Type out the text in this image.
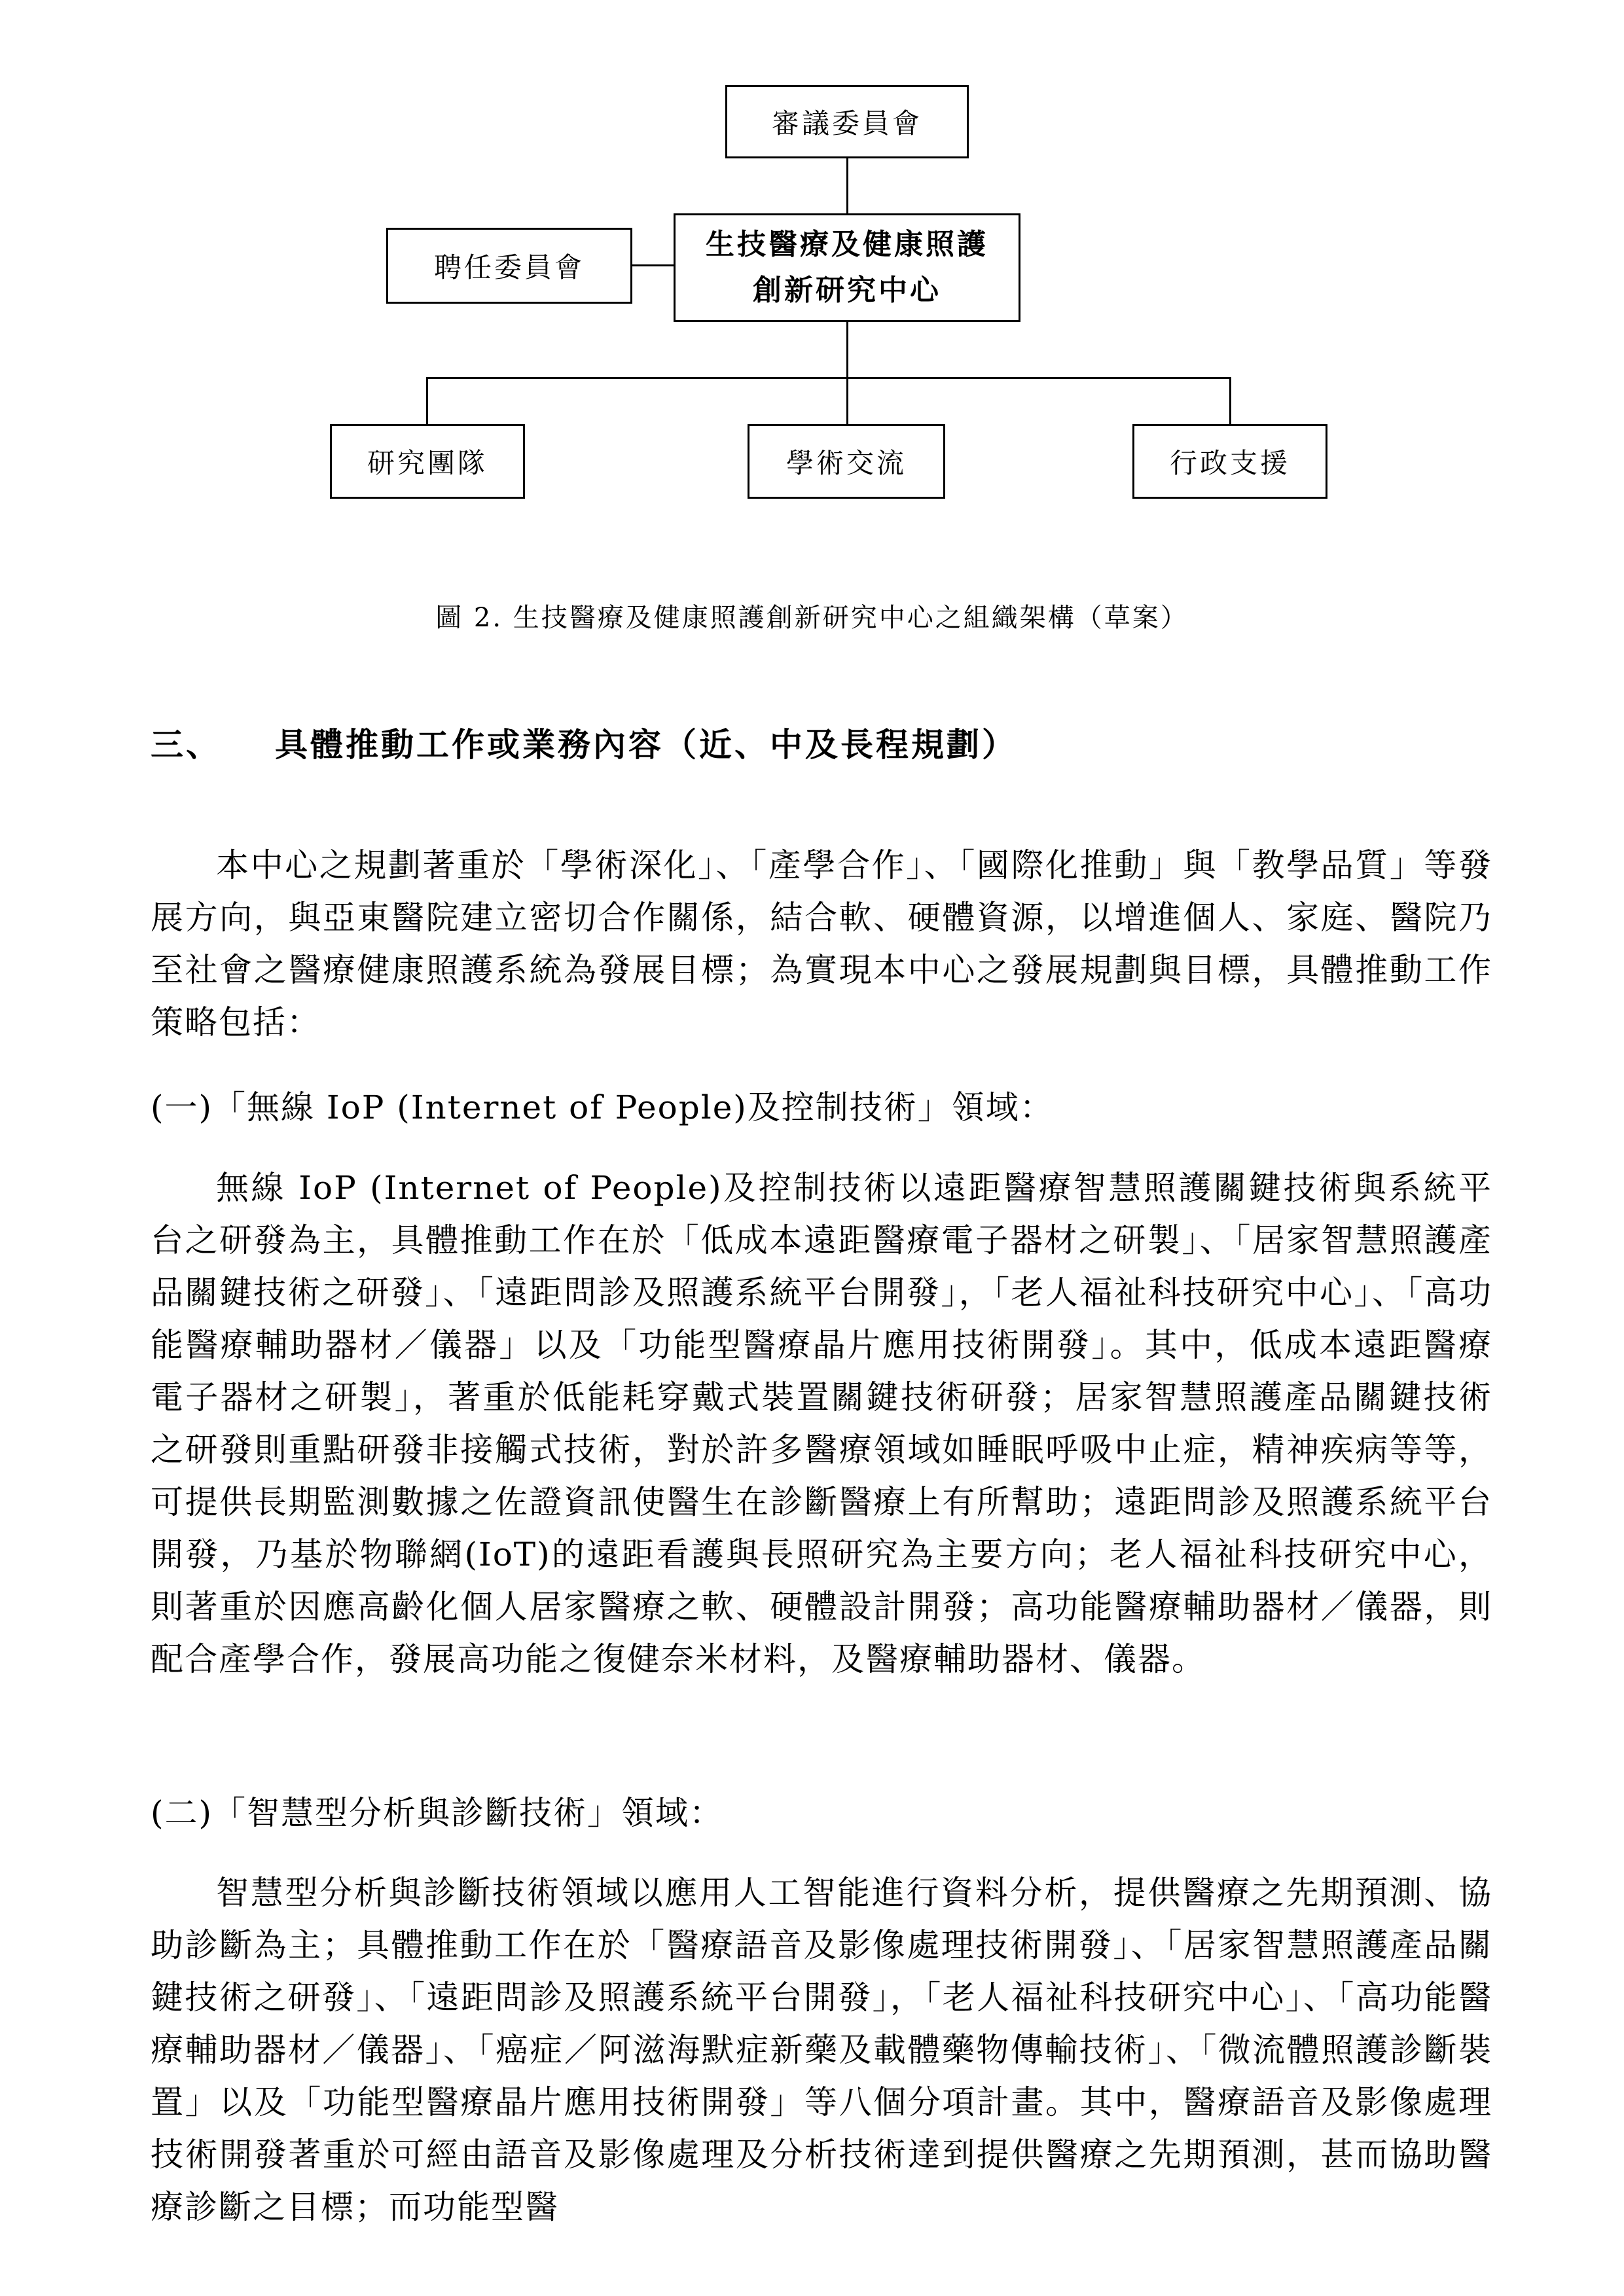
審議委員會
聘任委員會
生技醫療及健康照護
創新研究中心
研究團隊	學術交流	行政支援
圖 2. 生技醫療及健康照護創新研究中心之組織架構（草案）
三、 具體推動工作或業務內容（近、中及長程規劃）
本中心之規劃著重於「學術深化」、「產學合作」、「國際化推動」與「教學品質」等發展方向，與亞東醫院建立密切合作關係，結合軟、硬體資源，以增進個人、家庭、醫院乃至社會之醫療健康照護系統為發展目標；為實現本中心之發展規劃與目標，具體推動工作策略包括：
(一)「無線 IoP (Internet of People)及控制技術」領域：
無線 IoP (Internet of People)及控制技術以遠距醫療智慧照護關鍵技術與系統平台之研發為主，具體推動工作在於「低成本遠距醫療電子器材之研製」、「居家智慧照護產品關鍵技術之研發」、「遠距問診及照護系統平台開發」，「老人福祉科技研究中心」、「高功能醫療輔助器材／儀器」以及「功能型醫療晶片應用技術開發」。其中，低成本遠距醫療電子器材之研製」，著重於低能耗穿戴式裝置關鍵技術研發；居家智慧照護產品關鍵技術之研發則重點研發非接觸式技術，對於許多醫療領域如睡眠呼吸中止症，精神疾病等等，可提供長期監測數據之佐證資訊使醫生在診斷醫療上有所幫助；遠距問診及照護系統平台開發，乃基於物聯網(IoT)的遠距看護與長照研究為主要方向；老人福祉科技研究中心，則著重於因應高齡化個人居家醫療之軟、硬體設計開發；高功能醫療輔助器材／儀器，則配合產學合作，發展高功能之復健奈米材料，及醫療輔助器材、儀器。
(二)「智慧型分析與診斷技術」領域：
智慧型分析與診斷技術領域以應用人工智能進行資料分析，提供醫療之先期預測、協助診斷為主；具體推動工作在於「醫療語音及影像處理技術開發」、「居家智慧照護產品關鍵技術之研發」、「遠距問診及照護系統平台開發」，「老人福祉科技研究中心」、「高功能醫療輔助器材／儀器」、「癌症／阿滋海默症新藥及載體藥物傳輸技術」、「微流體照護診斷裝置」以及「功能型醫療晶片應用技術開發」等八個分項計畫。其中，醫療語音及影像處理技術開發著重於可經由語音及影像處理及分析技術達到提供醫療之先期預測，甚而協助醫療診斷之目標；而功能型醫
